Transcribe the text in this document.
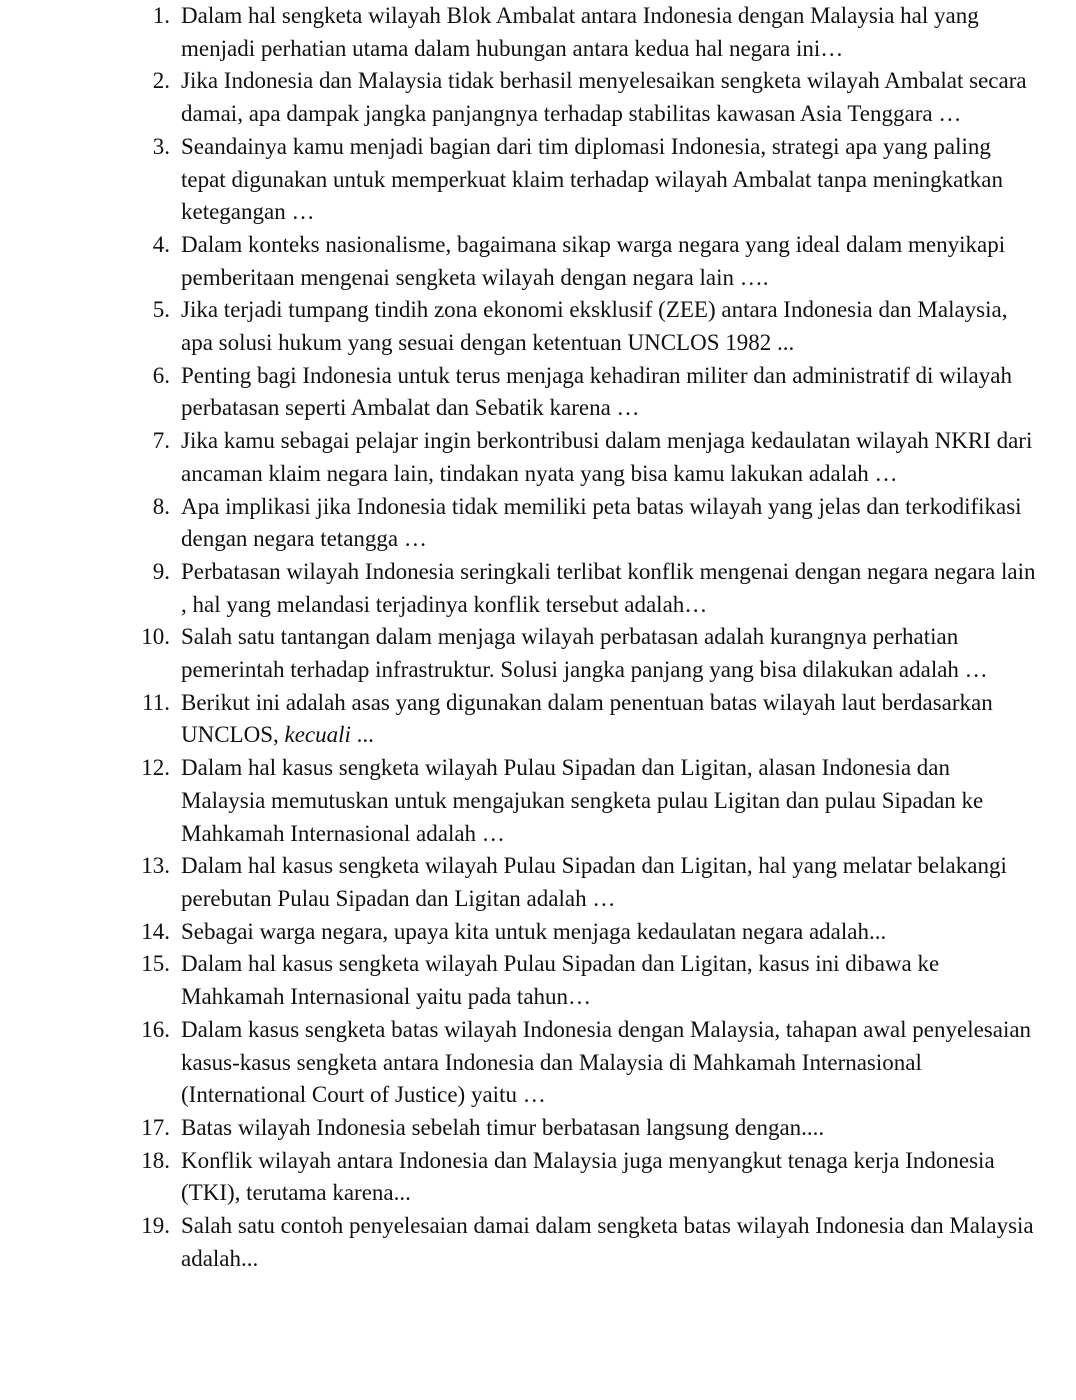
1. Dalam hal sengketa wilayah Blok Ambalat antara Indonesia dengan Malaysia hal yang menjadi perhatian utama dalam hubungan antara kedua hal negara ini…
2. Jika Indonesia dan Malaysia tidak berhasil menyelesaikan sengketa wilayah Ambalat secara damai, apa dampak jangka panjangnya terhadap stabilitas kawasan Asia Tenggara …
3. Seandainya kamu menjadi bagian dari tim diplomasi Indonesia, strategi apa yang paling tepat digunakan untuk memperkuat klaim terhadap wilayah Ambalat tanpa meningkatkan ketegangan …
4. Dalam konteks nasionalisme, bagaimana sikap warga negara yang ideal dalam menyikapi pemberitaan mengenai sengketa wilayah dengan negara lain ….
5. Jika terjadi tumpang tindih zona ekonomi eksklusif (ZEE) antara Indonesia dan Malaysia, apa solusi hukum yang sesuai dengan ketentuan UNCLOS 1982 ...
6. Penting bagi Indonesia untuk terus menjaga kehadiran militer dan administratif di wilayah perbatasan seperti Ambalat dan Sebatik karena …
7. Jika kamu sebagai pelajar ingin berkontribusi dalam menjaga kedaulatan wilayah NKRI dari ancaman klaim negara lain, tindakan nyata yang bisa kamu lakukan adalah …
8. Apa implikasi jika Indonesia tidak memiliki peta batas wilayah yang jelas dan terkodifikasi dengan negara tetangga …
9. Perbatasan wilayah Indonesia seringkali terlibat konflik mengenai dengan negara negara lain , hal yang melandasi terjadinya konflik tersebut adalah…
10. Salah satu tantangan dalam menjaga wilayah perbatasan adalah kurangnya perhatian pemerintah terhadap infrastruktur. Solusi jangka panjang yang bisa dilakukan adalah …
11. Berikut ini adalah asas yang digunakan dalam penentuan batas wilayah laut berdasarkan UNCLOS, kecuali ...
12. Dalam hal kasus sengketa wilayah Pulau Sipadan dan Ligitan, alasan Indonesia dan Malaysia memutuskan untuk mengajukan sengketa pulau Ligitan dan pulau Sipadan ke Mahkamah Internasional adalah …
13. Dalam hal kasus sengketa wilayah Pulau Sipadan dan Ligitan, hal yang melatar belakangi perebutan Pulau Sipadan dan Ligitan adalah …
14. Sebagai warga negara, upaya kita untuk menjaga kedaulatan negara adalah...
15. Dalam hal kasus sengketa wilayah Pulau Sipadan dan Ligitan, kasus ini dibawa ke Mahkamah Internasional yaitu pada tahun…
16. Dalam kasus sengketa batas wilayah Indonesia dengan Malaysia, tahapan awal penyelesaian kasus-kasus sengketa antara Indonesia dan Malaysia di Mahkamah Internasional (International Court of Justice) yaitu …
17. Batas wilayah Indonesia sebelah timur berbatasan langsung dengan....
18. Konflik wilayah antara Indonesia dan Malaysia juga menyangkut tenaga kerja Indonesia (TKI), terutama karena...
19. Salah satu contoh penyelesaian damai dalam sengketa batas wilayah Indonesia dan Malaysia adalah...
